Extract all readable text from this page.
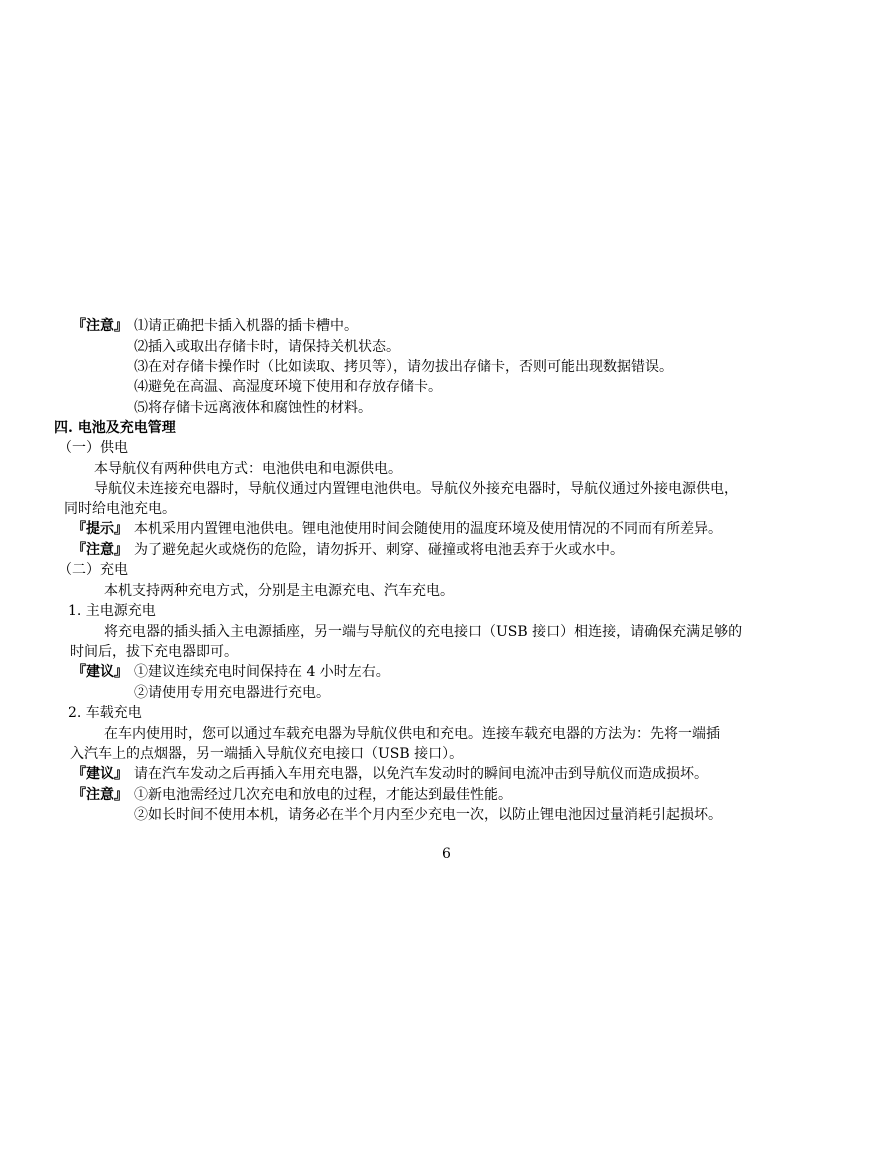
『注意』 ⑴请正确把卡插入机器的插卡槽中。
⑵插入或取出存储卡时，请保持关机状态。
⑶在对存储卡操作时（比如读取、拷贝等），请勿拔出存储卡，否则可能出现数据错误。
⑷避免在高温、高湿度环境下使用和存放存储卡。
⑸将存储卡远离液体和腐蚀性的材料。
四. 电池及充电管理
（一）供电
本导航仪有两种供电方式：电池供电和电源供电。
导航仪未连接充电器时，导航仪通过内置锂电池供电。导航仪外接充电器时，导航仪通过外接电源供电，
同时给电池充电。
『提示』 本机采用内置锂电池供电。锂电池使用时间会随使用的温度环境及使用情况的不同而有所差异。
『注意』 为了避免起火或烧伤的危险，请勿拆开、刺穿、碰撞或将电池丢弃于火或水中。
（二）充电
本机支持两种充电方式，分别是主电源充电、汽车充电。
1. 主电源充电
将充电器的插头插入主电源插座，另一端与导航仪的充电接口（USB 接口）相连接，请确保充满足够的
时间后，拔下充电器即可。
『建议』 ①建议连续充电时间保持在 4 小时左右。
②请使用专用充电器进行充电。
2. 车载充电
在车内使用时，您可以通过车载充电器为导航仪供电和充电。连接车载充电器的方法为：先将一端插
入汽车上的点烟器，另一端插入导航仪充电接口（USB 接口）。
『建议』 请在汽车发动之后再插入车用充电器，以免汽车发动时的瞬间电流冲击到导航仪而造成损坏。
『注意』 ①新电池需经过几次充电和放电的过程，才能达到最佳性能。
②如长时间不使用本机，请务必在半个月内至少充电一次，以防止锂电池因过量消耗引起损坏。
6
